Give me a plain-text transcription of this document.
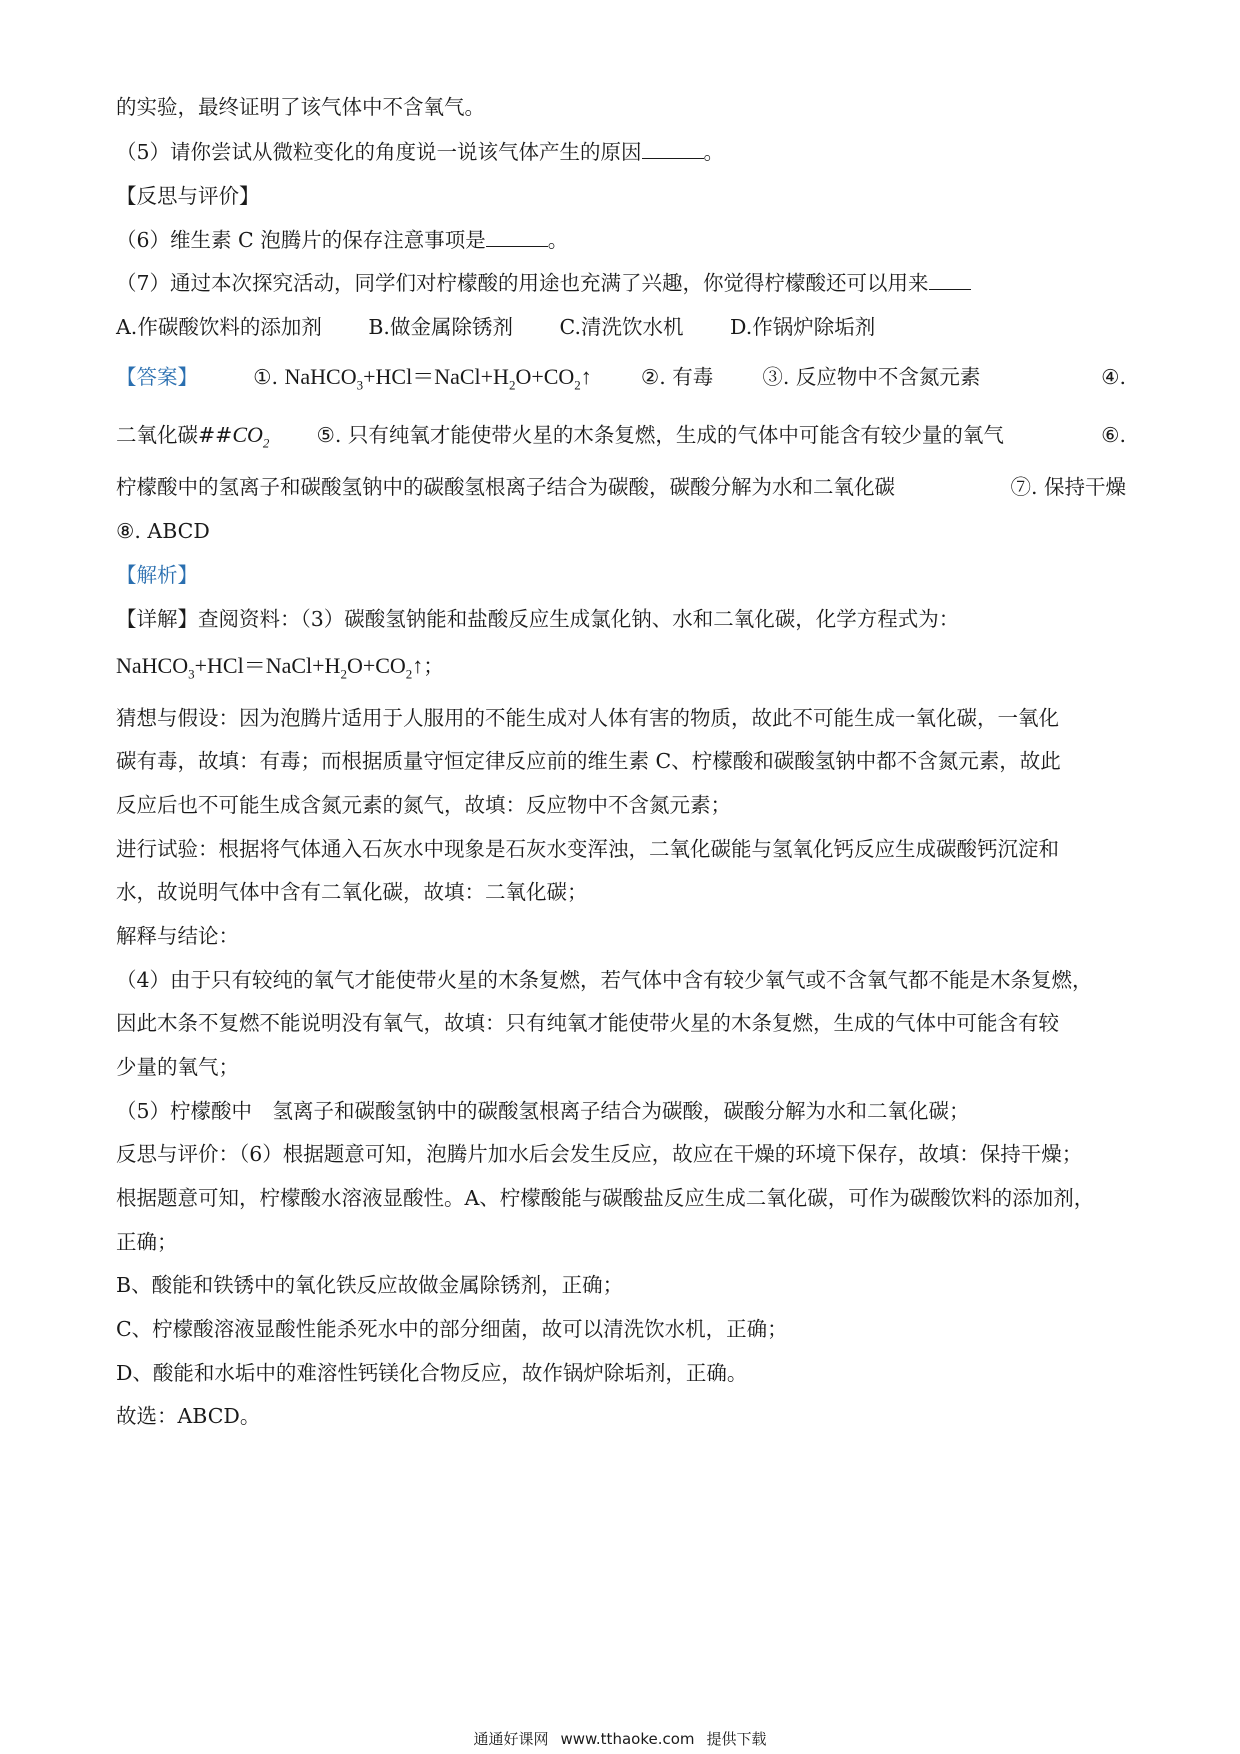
的实验，最终证明了该气体中不含氧气。
（5）请你尝试从微粒变化的角度说一说该气体产生的原因	。
【反思与评价】
（6）维生素 C 泡腾片的保存注意事项是	。
（7）通过本次探究活动，同学们对柠檬酸的用途也充满了兴趣，你觉得柠檬酸还可以用来
A.作碳酸饮料的添加剂 B.做金属除锈剂 C.清洗饮水机 D.作锅炉除垢剂
【答案】	①. $NaHCO_3+HCl=NaCl+H_2O+CO_2↑$ ②. 有毒 ③. 反应物中不含氮元素	④.
二氧化碳$\#\#CO_2$ ⑤. 只有纯氧才能使带火星的木条复燃，生成的气体中可能含有较少量的氧气	⑥.
柠檬酸中的氢离子和碳酸氢钠中的碳酸氢根离子结合为碳酸，碳酸分解为水和二氧化碳	⑦. 保持干燥
⑧. ABCD
【解析】
【详解】查阅资料：（3）碳酸氢钠能和盐酸反应生成氯化钠、水和二氧化碳，化学方程式为：
$NaHCO_3+HCl=NaCl+H_2O+CO_2↑$；
猜想与假设：因为泡腾片适用于人服用的不能生成对人体有害的物质，故此不可能生成一氧化碳，一氧化
碳有毒，故填：有毒；而根据质量守恒定律反应前的维生素 C、柠檬酸和碳酸氢钠中都不含氮元素，故此
反应后也不可能生成含氮元素的氮气，故填：反应物中不含氮元素；
进行试验：根据将气体通入石灰水中现象是石灰水变浑浊，二氧化碳能与氢氧化钙反应生成碳酸钙沉淀和
水，故说明气体中含有二氧化碳，故填：二氧化碳；
解释与结论：
（4）由于只有较纯的氧气才能使带火星的木条复燃，若气体中含有较少氧气或不含氧气都不能是木条复燃，
因此木条不复燃不能说明没有氧气，故填：只有纯氧才能使带火星的木条复燃，生成的气体中可能含有较
少量的氧气；
（5）柠檬酸中　氢离子和碳酸氢钠中的碳酸氢根离子结合为碳酸，碳酸分解为水和二氧化碳；
反思与评价：（6）根据题意可知，泡腾片加水后会发生反应，故应在干燥的环境下保存，故填：保持干燥；
根据题意可知，柠檬酸水溶液显酸性。A、柠檬酸能与碳酸盐反应生成二氧化碳，可作为碳酸饮料的添加剂，
正确；
B、酸能和铁锈中的氧化铁反应故做金属除锈剂，正确；
C、柠檬酸溶液显酸性能杀死水中的部分细菌，故可以清洗饮水机，正确；
D、酸能和水垢中的难溶性钙镁化合物反应，故作锅炉除垢剂，正确。
故选：ABCD。
通通好课网 www.tthaoke.com 提供下载
